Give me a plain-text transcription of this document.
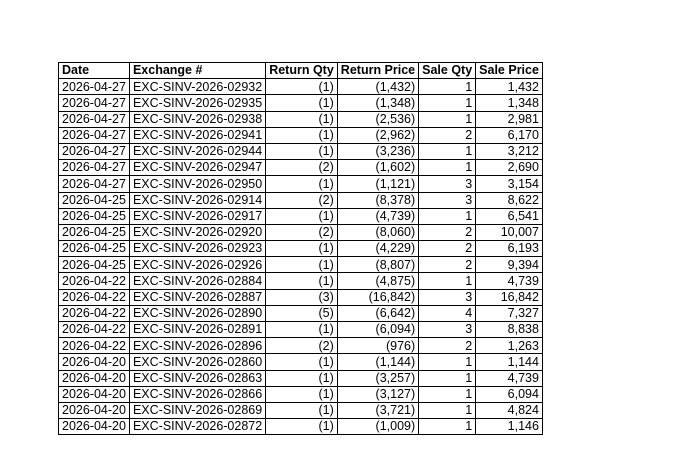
Date	Exchange #	Return Qty	Return Price	Sale Qty	Sale Price
2026-04-27	EXC-SINV-2026-02932	(1)	(1,432)	1	1,432
2026-04-27	EXC-SINV-2026-02935	(1)	(1,348)	1	1,348
2026-04-27	EXC-SINV-2026-02938	(1)	(2,536)	1	2,981
2026-04-27	EXC-SINV-2026-02941	(1)	(2,962)	2	6,170
2026-04-27	EXC-SINV-2026-02944	(1)	(3,236)	1	3,212
2026-04-27	EXC-SINV-2026-02947	(2)	(1,602)	1	2,690
2026-04-27	EXC-SINV-2026-02950	(1)	(1,121)	3	3,154
2026-04-25	EXC-SINV-2026-02914	(2)	(8,378)	3	8,622
2026-04-25	EXC-SINV-2026-02917	(1)	(4,739)	1	6,541
2026-04-25	EXC-SINV-2026-02920	(2)	(8,060)	2	10,007
2026-04-25	EXC-SINV-2026-02923	(1)	(4,229)	2	6,193
2026-04-25	EXC-SINV-2026-02926	(1)	(8,807)	2	9,394
2026-04-22	EXC-SINV-2026-02884	(1)	(4,875)	1	4,739
2026-04-22	EXC-SINV-2026-02887	(3)	(16,842)	3	16,842
2026-04-22	EXC-SINV-2026-02890	(5)	(6,642)	4	7,327
2026-04-22	EXC-SINV-2026-02891	(1)	(6,094)	3	8,838
2026-04-22	EXC-SINV-2026-02896	(2)	(976)	2	1,263
2026-04-20	EXC-SINV-2026-02860	(1)	(1,144)	1	1,144
2026-04-20	EXC-SINV-2026-02863	(1)	(3,257)	1	4,739
2026-04-20	EXC-SINV-2026-02866	(1)	(3,127)	1	6,094
2026-04-20	EXC-SINV-2026-02869	(1)	(3,721)	1	4,824
2026-04-20	EXC-SINV-2026-02872	(1)	(1,009)	1	1,146
